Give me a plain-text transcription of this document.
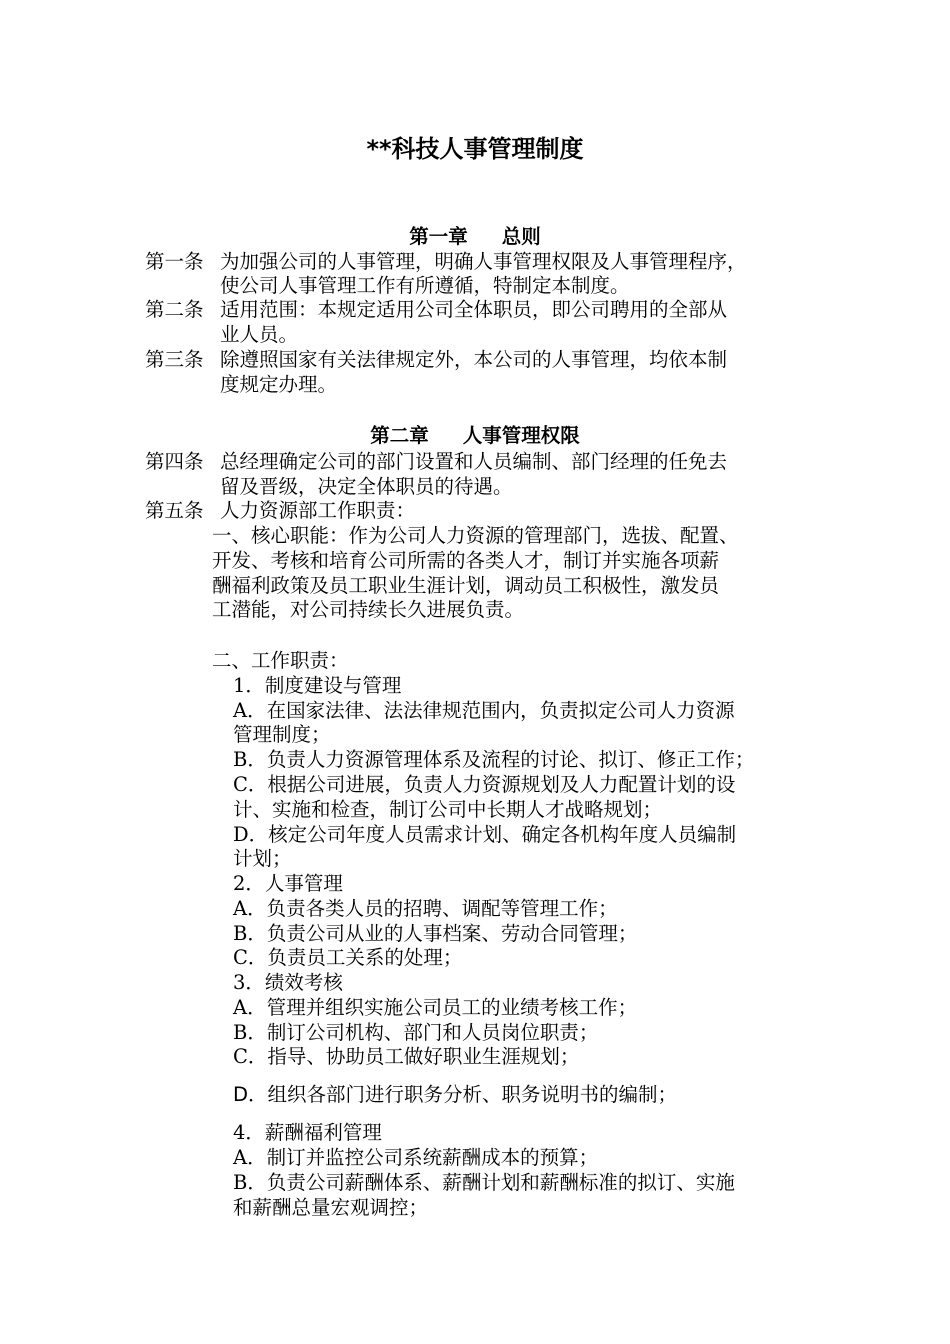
**科技人事管理制度
第一章 总则
第一条 为加强公司的人事管理，明确人事管理权限及人事管理程序，
使公司人事管理工作有所遵循，特制定本制度。
第二条 适用范围：本规定适用公司全体职员，即公司聘用的全部从
业人员。
第三条 除遵照国家有关法律规定外，本公司的人事管理，均依本制
度规定办理。
第二章 人事管理权限
第四条 总经理确定公司的部门设置和人员编制、部门经理的任免去
留及晋级，决定全体职员的待遇。
第五条 人力资源部工作职责：
一、核心职能：作为公司人力资源的管理部门，选拔、配置、
开发、考核和培育公司所需的各类人才，制订并实施各项薪
酬福利政策及员工职业生涯计划，调动员工积极性，激发员
工潜能，对公司持续长久进展负责。
二、工作职责：
1．制度建设与管理
A．在国家法律、法法律规范围内，负责拟定公司人力资源
管理制度；
B．负责人力资源管理体系及流程的讨论、拟订、修正工作；
C．根据公司进展，负责人力资源规划及人力配置计划的设
计、实施和检查，制订公司中长期人才战略规划；
D．核定公司年度人员需求计划、确定各机构年度人员编制
计划；
2．人事管理
A．负责各类人员的招聘、调配等管理工作；
B．负责公司从业的人事档案、劳动合同管理；
C．负责员工关系的处理；
3．绩效考核
A．管理并组织实施公司员工的业绩考核工作；
B．制订公司机构、部门和人员岗位职责；
C．指导、协助员工做好职业生涯规划；
D．组织各部门进行职务分析、职务说明书的编制；
4．薪酬福利管理
A．制订并监控公司系统薪酬成本的预算；
B．负责公司薪酬体系、薪酬计划和薪酬标准的拟订、实施
和薪酬总量宏观调控；
